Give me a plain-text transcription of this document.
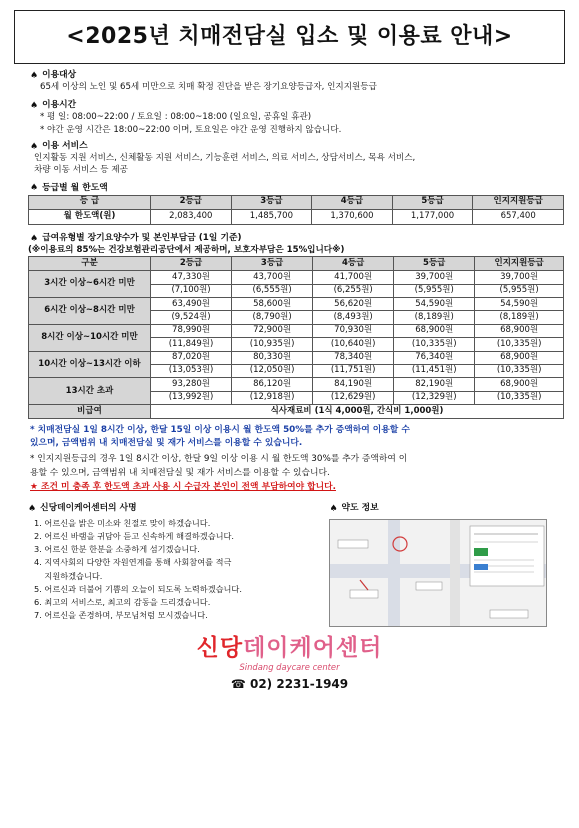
<2025년 치매전담실 입소 및 이용료 안내>
♠ 이용대상
65세 이상의 노인 및 65세 미만으로 치매 확정 진단을 받은 장기요양등급자, 인지지원등급
♠ 이용시간
* 평 일: 08:00~22:00 / 토요일 : 08:00~18:00 (일요일, 공휴일 휴관)
* 야간 운영 시간은 18:00~22:00 이며, 토요일은 야간 운영 진행하지 않습니다.
♠ 이용 서비스
인지활동 지원 서비스, 신체활동 지원 서비스, 기능훈련 서비스, 의료 서비스, 상담서비스, 목욕 서비스,
차량 이동 서비스 등 제공
♠ 등급별 월 한도액
등 급	2등급	3등급	4등급	5등급	인지지원등급
월 한도액(원)	2,083,400	1,485,700	1,370,600	1,177,000	657,400
♠ 급여유형별 장기요양수가 및 본인부담금 (1일 기준)
(※이용료의 85%는 건강보험관리공단에서 제공하며, 보호자부담은 15%입니다※)
구분	2등급	3등급	4등급	5등급	인지지원등급
3시간 이상~6시간 미만	47,330원	43,700원	41,700원	39,700원	39,700원
	(7,100원)	(6,555원)	(6,255원)	(5,955원)	(5,955원)
6시간 이상~8시간 미만	63,490원	58,600원	56,620원	54,590원	54,590원
	(9,524원)	(8,790원)	(8,493원)	(8,189원)	(8,189원)
8시간 이상~10시간 미만	78,990원	72,900원	70,930원	68,900원	68,900원
	(11,849원)	(10,935원)	(10,640원)	(10,335원)	(10,335원)
10시간 이상~13시간 이하	87,020원	80,330원	78,340원	76,340원	68,900원
	(13,053원)	(12,050원)	(11,751원)	(11,451원)	(10,335원)
13시간 초과	93,280원	86,120원	84,190원	82,190원	68,900원
	(13,992원)	(12,918원)	(12,629원)	(12,329원)	(10,335원)
비급여	식사재료비 (1식 4,000원, 간식비 1,000원)				
* 치매전담실 1일 8시간 이상, 한달 15일 이상 이용시 월 한도액 50%를 추가 증액하여 이용할 수
있으며, 금액범위 내 치매전담실 및 재가 서비스를 이용할 수 있습니다.
* 인지지원등급의 경우 1일 8시간 이상, 한달 9일 이상 이용 시 월 한도액 30%를 추가 증액하여 이
용할 수 있으며, 금액범위 내 치매전담실 및 재가 서비스를 이용할 수 있습니다.
★ 조건 미 충족 후 한도액 초과 사용 시 수급자 본인이 전액 부담하여야 합니다.
♠ 신당데이케어센터의 사명
1. 어르신을 밝은 미소와 친절로 맞이 하겠습니다.
2. 어르신 바램을 귀담아 듣고 신속하게 해결하겠습니다.
3. 어르신 한분 한분을 소중하게 섬기겠습니다.
4. 지역사회의 다양한 자원연계를 통해 사회참여를 적극
지원하겠습니다.
5. 어르신과 더불어 기쁨의 오늘이 되도록 노력하겠습니다.
6. 최고의 서비스로, 최고의 감동을 드리겠습니다.
7. 어르신을 존경하며, 부모님처럼 모시겠습니다.
♠ 약도 정보
신당데이케어센터
Sindang daycare center
☎ 02) 2231-1949
